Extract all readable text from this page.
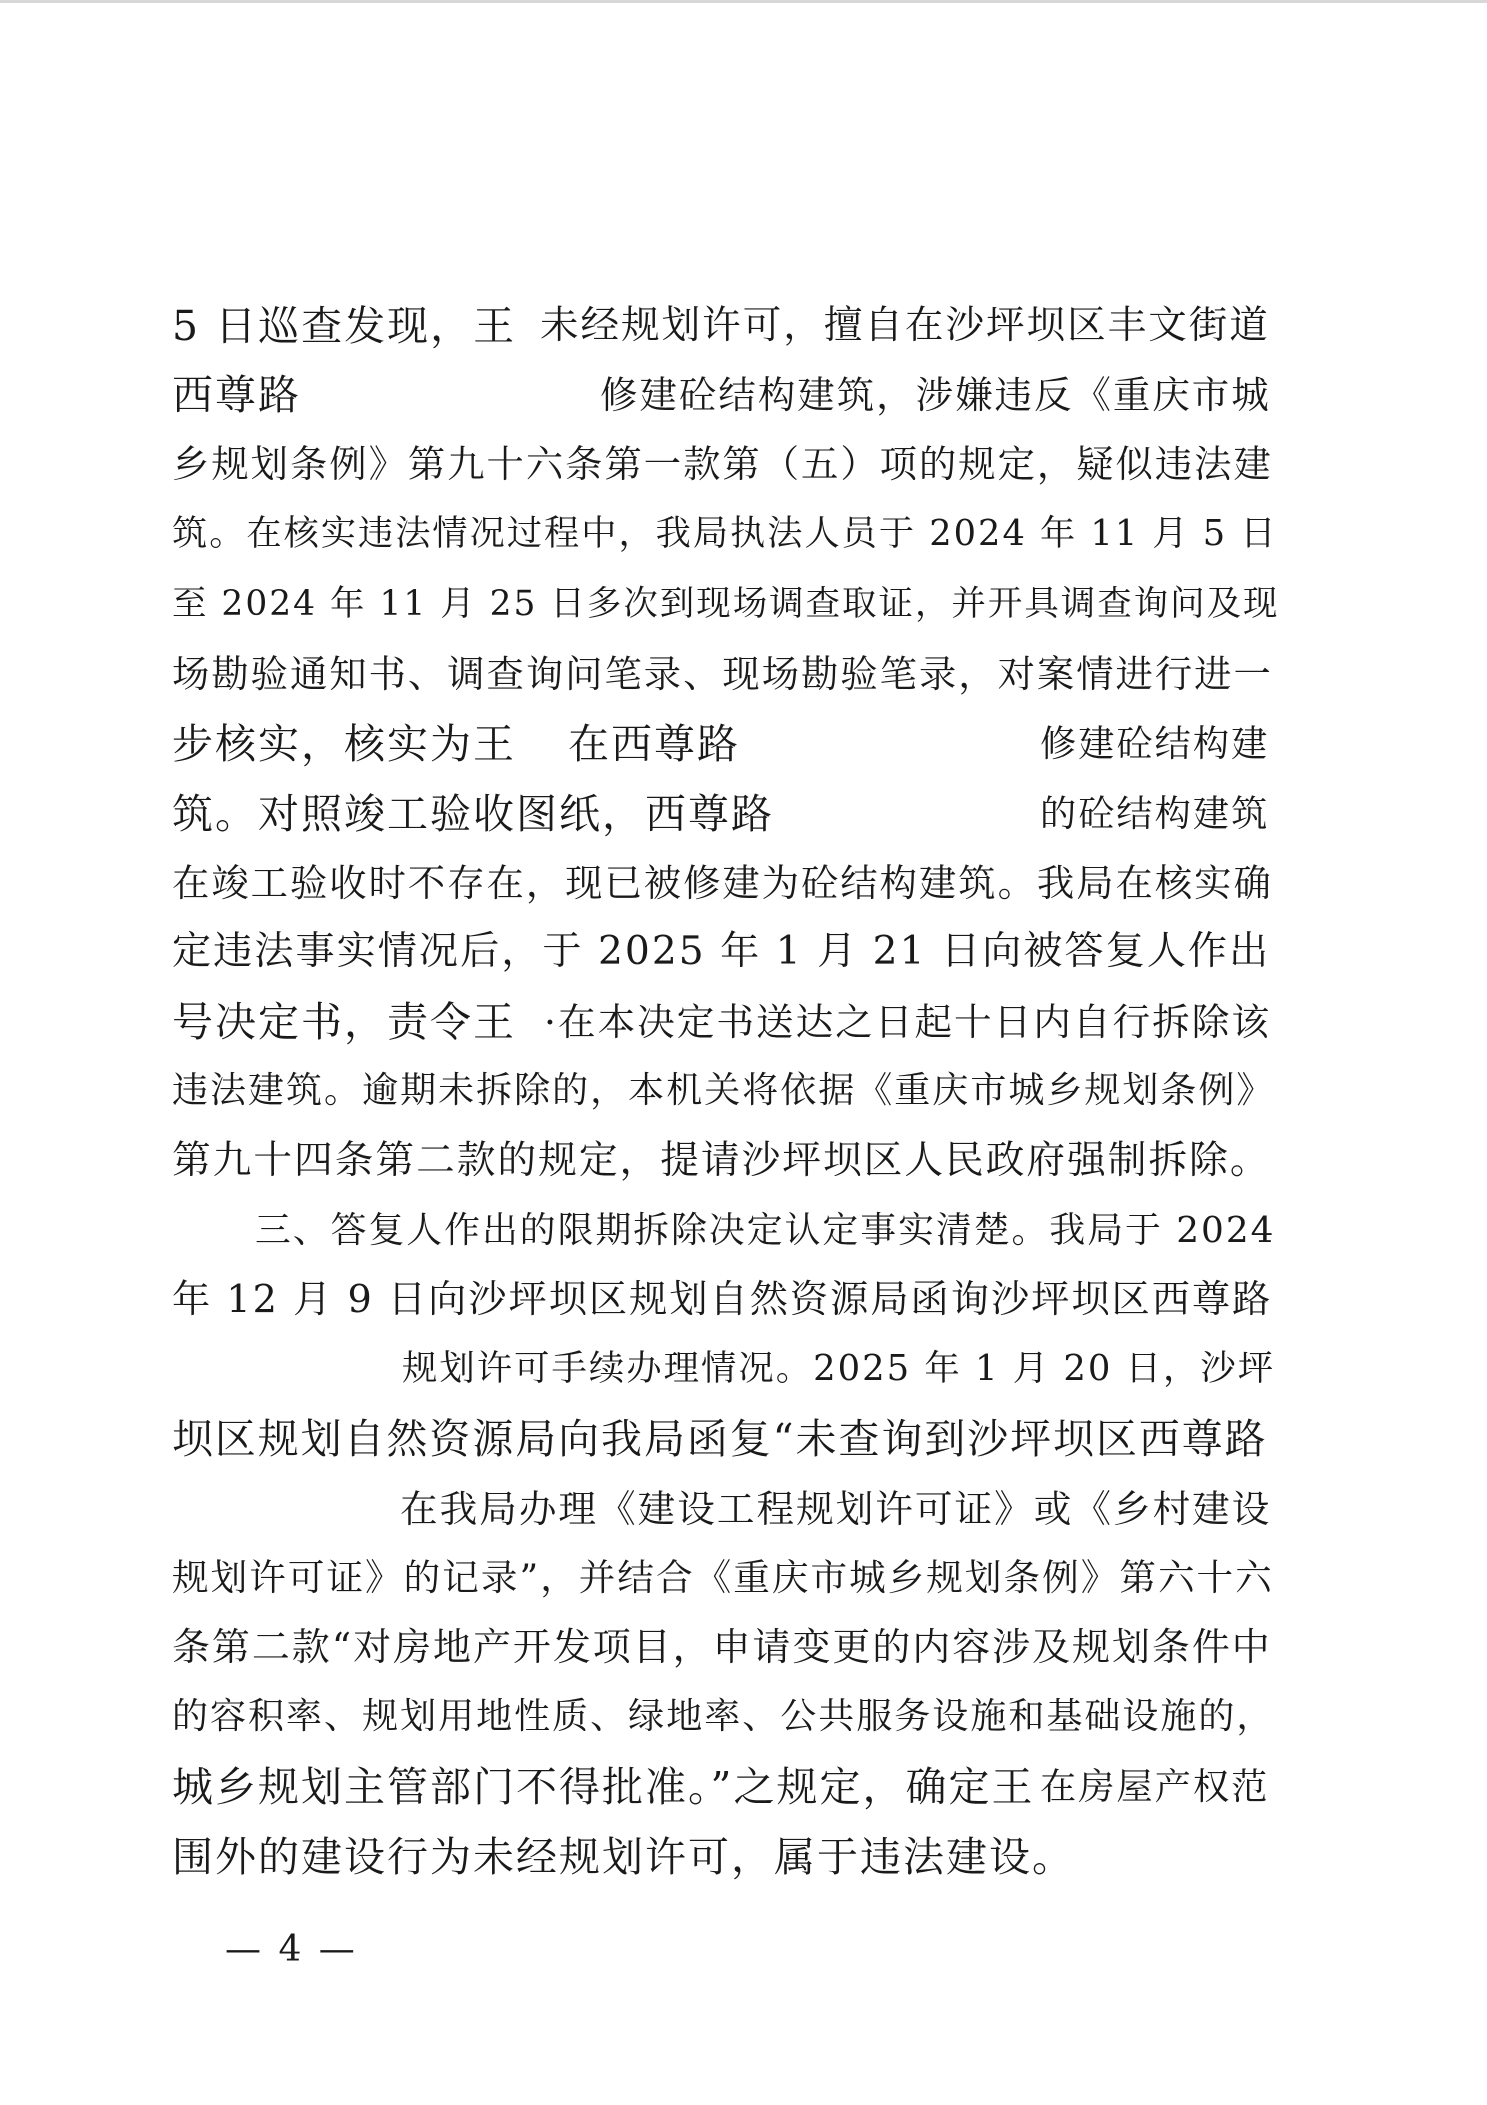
5 日巡查发现，王

未经规划许可，擅自在沙坪坝区丰文街道

西尊路

	修建砼结构建筑，涉嫌违反《重庆市城

乡规划条例》第九十六条第一款第（五）项的规定，疑似违法建

筑。在核实违法情况过程中，我局执法人员于 2024 年 11 月 5 日

至 2024 年 11 月 25 日多次到现场调查取证，并开具调查询问及现

场勘验通知书、调查询问笔录、现场勘验笔录，对案情进行进一

步核实，核实为王

在西尊路

	修建砼结构建

筑。对照竣工验收图纸，西尊路

	的砼结构建筑

在竣工验收时不存在，现已被修建为砼结构建筑。我局在核实确

定违法事实情况后，于 2025 年 1 月 21 日向被答复人作出

号决定书，责令王

·在本决定书送达之日起十日内自行拆除该

违法建筑。逾期未拆除的，本机关将依据《重庆市城乡规划条例》

第九十四条第二款的规定，提请沙坪坝区人民政府强制拆除。

三、答复人作出的限期拆除决定认定事实清楚。我局于 2024

年 12 月 9 日向沙坪坝区规划自然资源局函询沙坪坝区西尊路

规划许可手续办理情况。2025 年 1 月 20 日，沙坪

坝区规划自然资源局向我局函复“未查询到沙坪坝区西尊路

在我局办理《建设工程规划许可证》或《乡村建设

规划许可证》的记录”，并结合《重庆市城乡规划条例》第六十六

条第二款“对房地产开发项目，申请变更的内容涉及规划条件中

的容积率、规划用地性质、绿地率、公共服务设施和基础设施的，

城乡规划主管部门不得批准。”之规定，确定王

在房屋产权范

围外的建设行为未经规划许可，属于违法建设。

— 4 —
